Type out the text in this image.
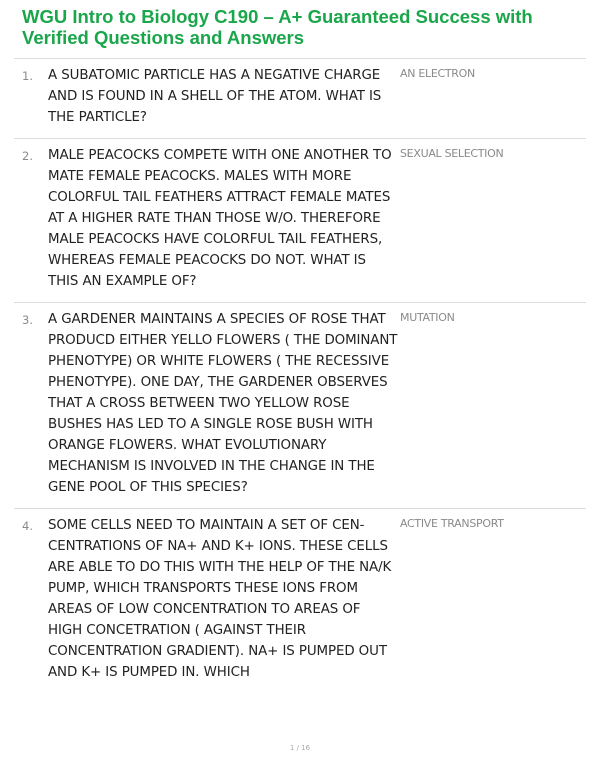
WGU Intro to Biology C190 – A+ Guaranteed Success with Verified Questions and Answers
1. A SUBATOMIC PARTICLE HAS A NEGATIVE CHARGE AND IS FOUND IN A SHELL OF THE ATOM. WHAT IS THE PARTICLE?
AN ELECTRON
2. MALE PEACOCKS COMPETE WITH ONE ANOTHER TO MATE FEMALE PEACOCKS. MALES WITH MORE COLORFUL TAIL FEATHERS ATTRACT FEMALE MATES AT A HIGHER RATE THAN THOSE W/O. THEREFORE MALE PEACOCKS HAVE COLORFUL TAIL FEATHERS, WHEREAS FEMALE PEACOCKS DO NOT. WHAT IS THIS AN EXAMPLE OF?
SEXUAL SELECTION
3. A GARDENER MAINTAINS A SPECIES OF ROSE THAT PRODUCD EITHER YELLO FLOWERS ( THE DOMINANT PHENOTYPE) OR WHITE FLOWERS ( THE RECESSIVE PHENOTYPE). ONE DAY, THE GARDENER OBSERVES THAT A CROSS BETWEEN TWO YELLOW ROSE BUSHES HAS LED TO A SINGLE ROSE BUSH WITH ORANGE FLOWERS. WHAT EVOLUTIONARY MECHANISM IS INVOLVED IN THE CHANGE IN THE GENE POOL OF THIS SPECIES?
MUTATION
4. SOME CELLS NEED TO MAINTAIN A SET OF CENCENTRATIONS OF NA+ AND K+ IONS. THESE CELLS ARE ABLE TO DO THIS WITH THE HELP OF THE NA/K PUMP, WHICH TRANSPORTS THESE IONS FROM AREAS OF LOW CONCENTRATION TO AREAS OF HIGH CONCETRATION ( AGAINST THEIR CONCENTRATION GRADIENT). NA+ IS PUMPED OUT AND K+ IS PUMPED IN. WHICH
ACTIVE TRANSPORT
1 / 16
